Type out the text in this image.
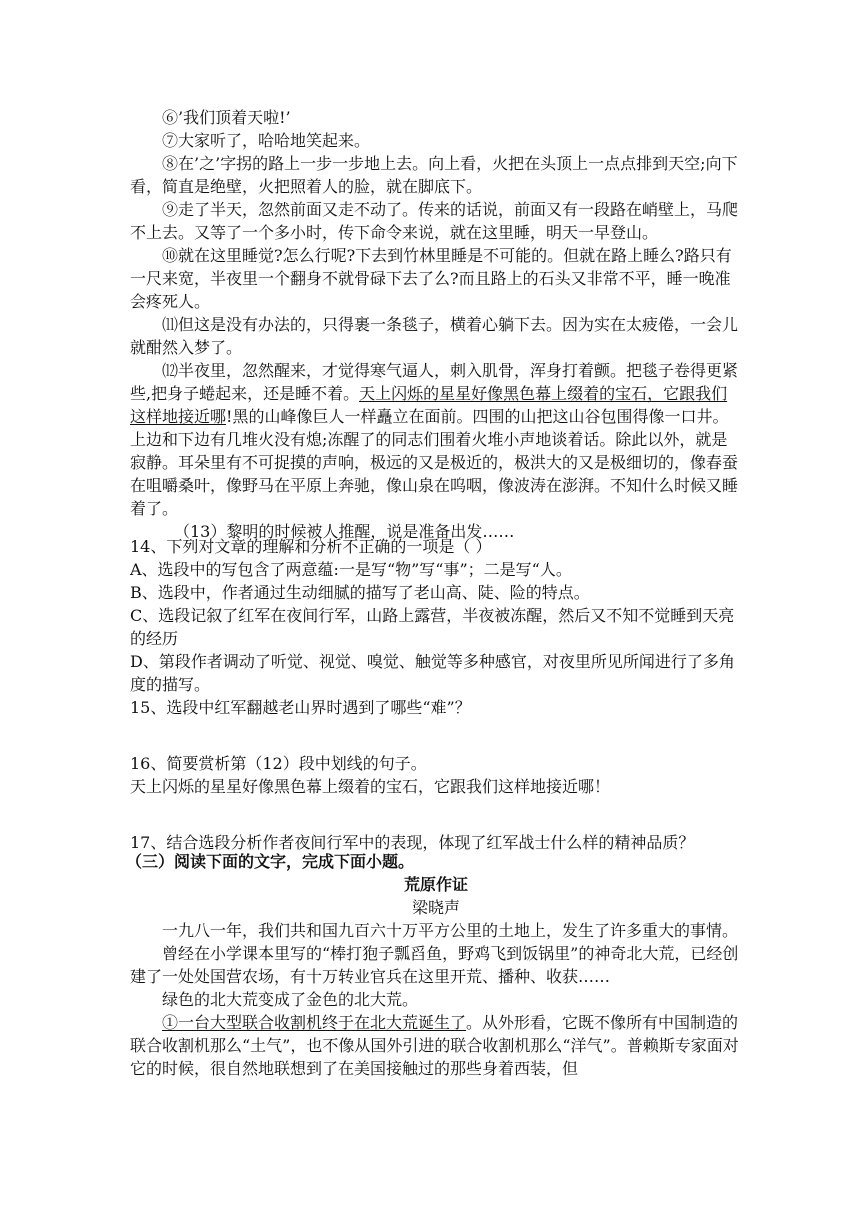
⑥’我们顶着天啦!’

⑦大家听了，哈哈地笑起来。

⑧在’之’字拐的路上一步一步地上去。向上看，火把在头顶上一点点排到天空;向下看，简直是绝壁，火把照着人的脸，就在脚底下。

⑨走了半天，忽然前面又走不动了。传来的话说，前面又有一段路在峭壁上，马爬不上去。又等了一个多小时，传下命令来说，就在这里睡，明天一早登山。

⑩就在这里睡觉?怎么行呢?下去到竹林里睡是不可能的。但就在路上睡么?路只有一尺来宽，半夜里一个翻身不就骨碌下去了么?而且路上的石头又非常不平，睡一晚准会疼死人。

⑾但这是没有办法的，只得裹一条毯子，横着心躺下去。因为实在太疲倦，一会儿就酣然入梦了。

⑿半夜里，忽然醒来，才觉得寒气逼人，刺入肌骨，浑身打着颤。把毯子卷得更紧些,把身子蜷起来，还是睡不着。天上闪烁的星星好像黑色幕上缀着的宝石，它跟我们这样地接近哪!黑的山峰像巨人一样矗立在面前。四围的山把这山谷包围得像一口井。上边和下边有几堆火没有熄;冻醒了的同志们围着火堆小声地谈着话。除此以外，就是寂静。耳朵里有不可捉摸的声响，极远的又是极近的，极洪大的又是极细切的，像春蚕在咀嚼桑叶，像野马在平原上奔驰，像山泉在呜咽，像波涛在澎湃。不知什么时候又睡着了。

（13）黎明的时候被人推醒，说是准备出发……

14、下列对文章的理解和分析不正确的一项是（ ）

A、选段中的写包含了两意蕴:一是写“物”写“事”；二是写“人。

B、选段中，作者通过生动细腻的描写了老山高、陡、险的特点。

C、选段记叙了红军在夜间行军，山路上露营，半夜被冻醒，然后又不知不觉睡到天亮的经历

D、第段作者调动了听觉、视觉、嗅觉、触觉等多种感官，对夜里所见所闻进行了多角度的描写。

15、选段中红军翻越老山界时遇到了哪些“难”？

16、简要赏析第（12）段中划线的句子。

天上闪烁的星星好像黑色幕上缀着的宝石，它跟我们这样地接近哪！

17、结合选段分析作者夜间行军中的表现，体现了红军战士什么样的精神品质？

（三）阅读下面的文字，完成下面小题。

荒原作证

梁晓声

一九八一年，我们共和国九百六十万平方公里的土地上，发生了许多重大的事情。

曾经在小学课本里写的“棒打狍子瓢舀鱼，野鸡飞到饭锅里”的神奇北大荒，已经创建了一处处国营农场，有十万转业官兵在这里开荒、播种、收获……

绿色的北大荒变成了金色的北大荒。

①一台大型联合收割机终于在北大荒诞生了。从外形看，它既不像所有中国制造的联合收割机那么“土气”，也不像从国外引进的联合收割机那么“洋气”。普赖斯专家面对它的时候，很自然地联想到了在美国接触过的那些身着西装，但
